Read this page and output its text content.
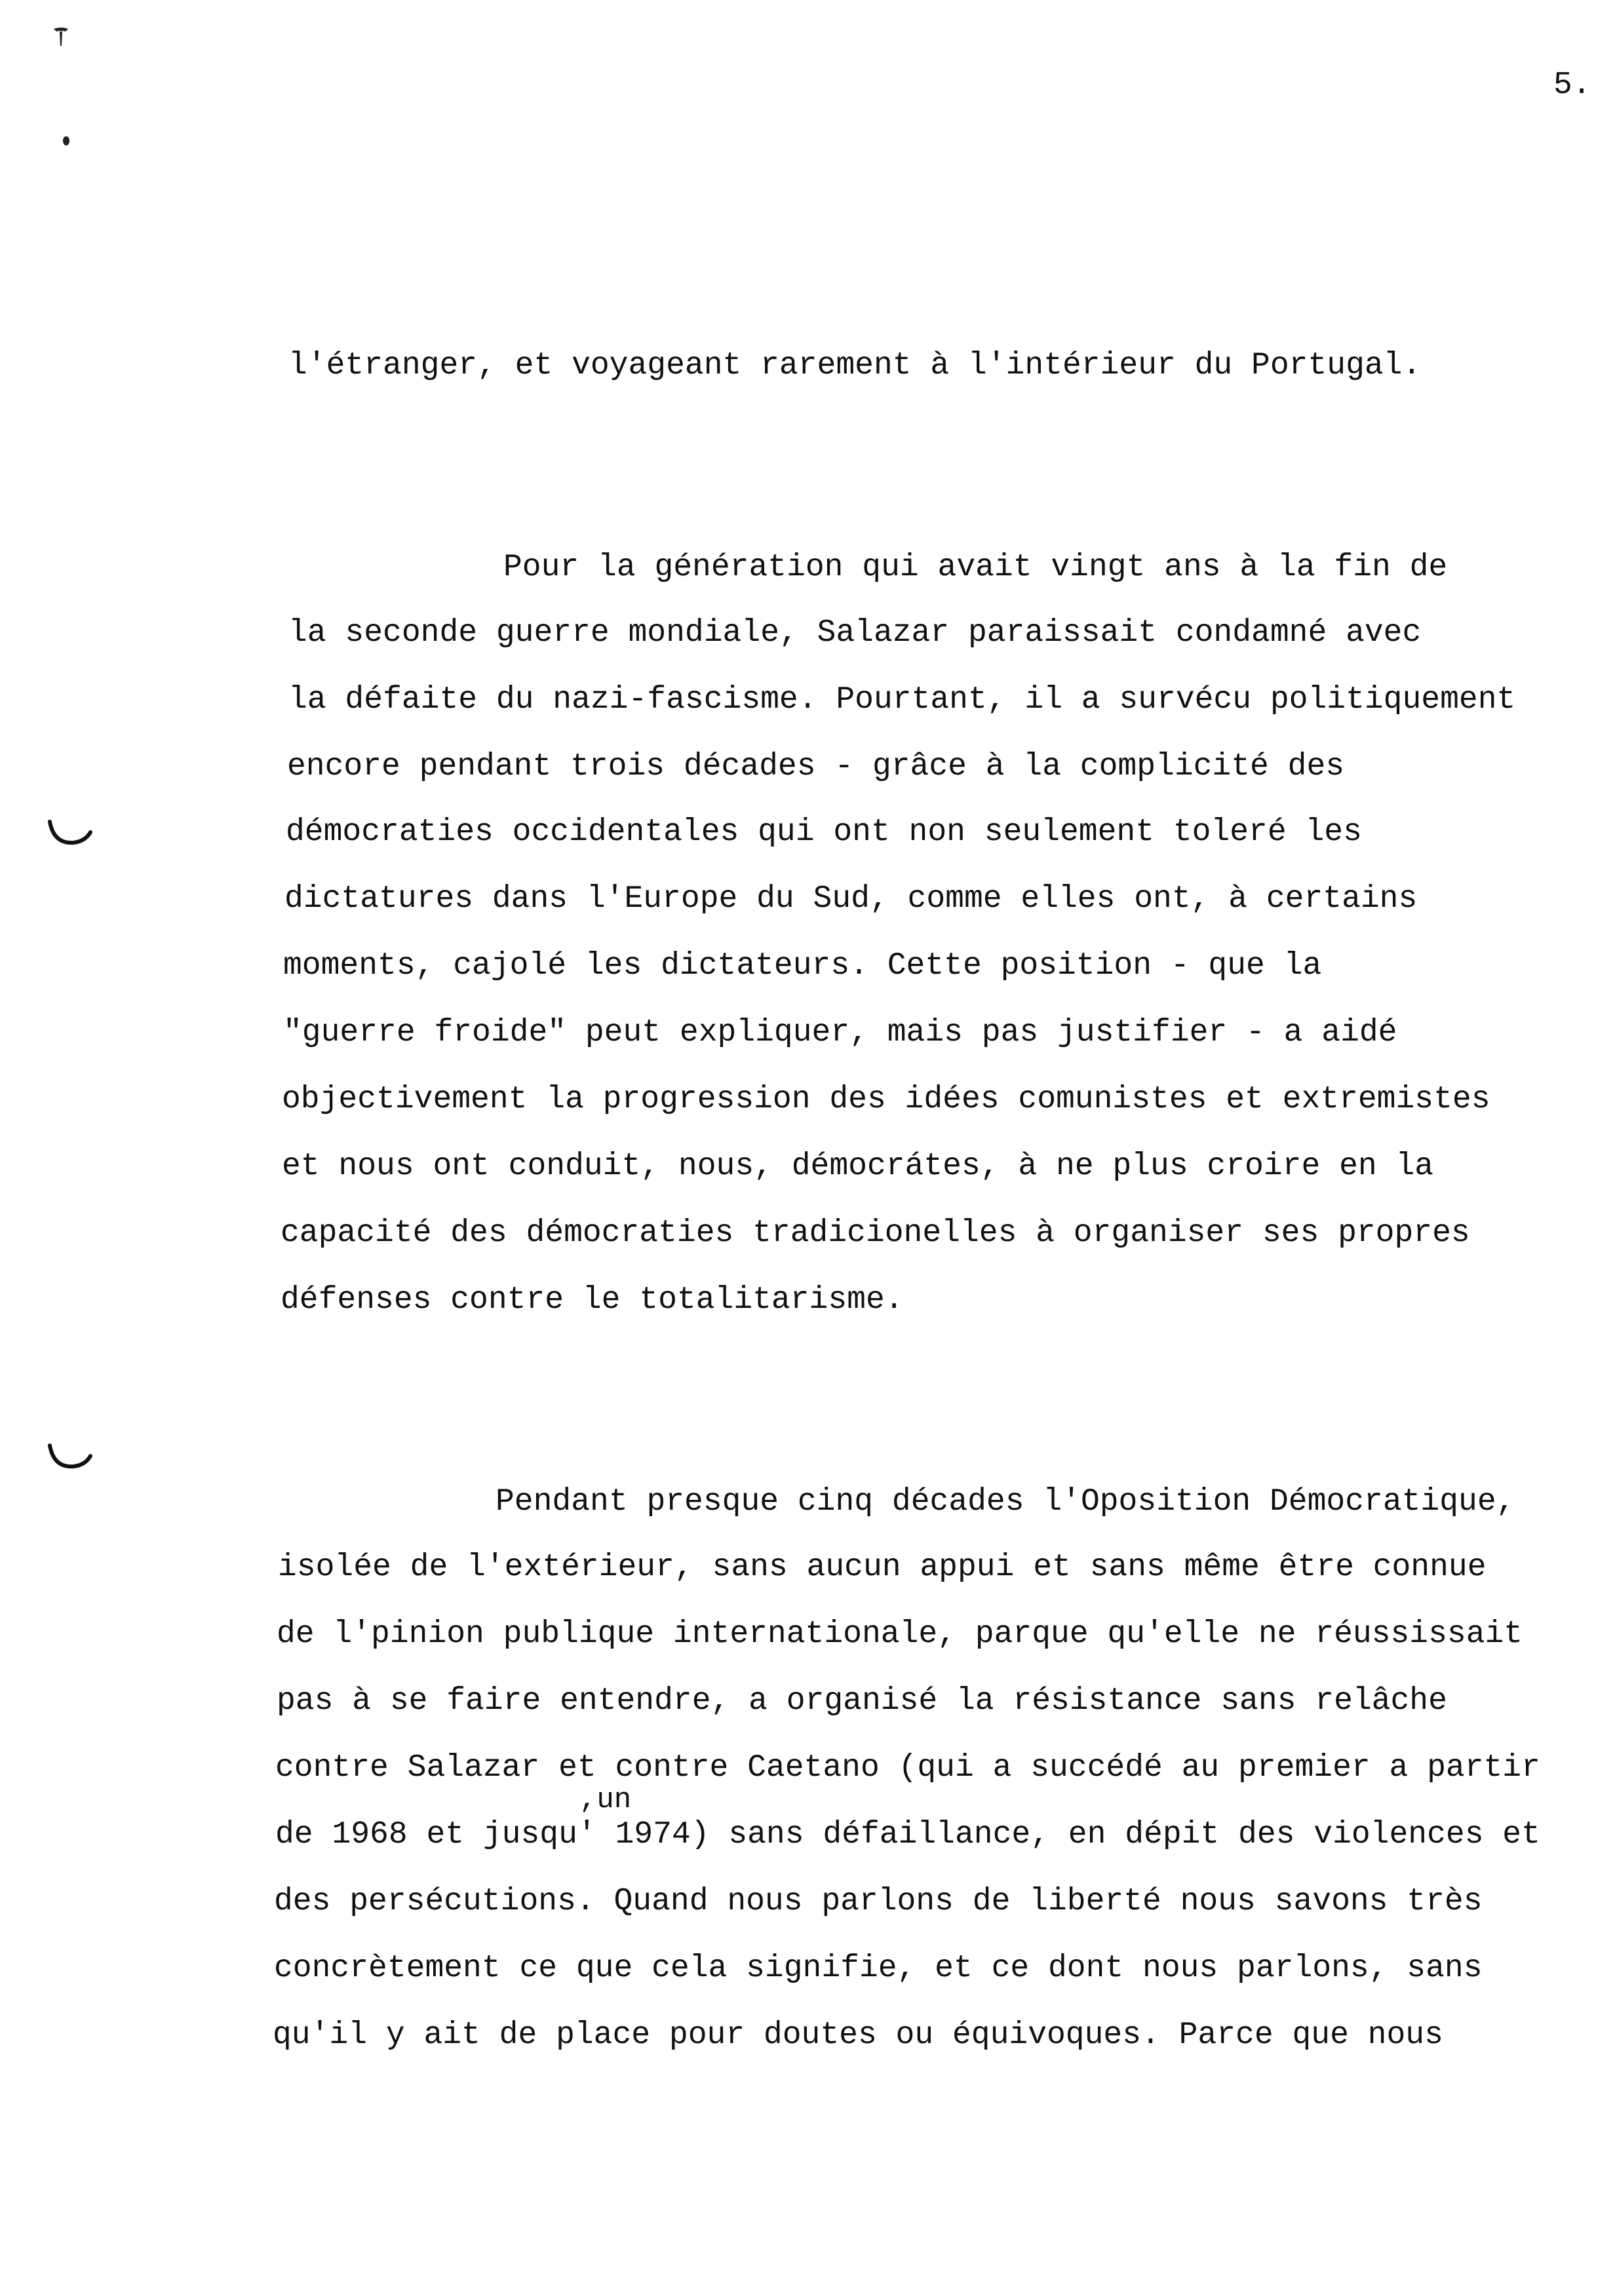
5.
l'étranger, et voyageant rarement à l'intérieur du Portugal.
Pour la génération qui avait vingt ans à la fin de
la seconde guerre mondiale, Salazar paraissait condamné avec
la défaite du nazi-fascisme. Pourtant, il a survécu politiquement
encore pendant trois décades - grâce à la complicité des
démocraties occidentales qui ont non seulement toleré les
dictatures dans l'Europe du Sud, comme elles ont, à certains
moments, cajolé les dictateurs. Cette position - que la
"guerre froide" peut expliquer, mais pas justifier - a aidé
objectivement la progression des idées comunistes et extremistes
et nous ont conduit, nous, démocrátes, à ne plus croire en la
capacité des démocraties tradicionelles à organiser ses propres
défenses contre le totalitarisme.
Pendant presque cinq décades l'Oposition Démocratique,
isolée de l'extérieur, sans aucun appui et sans même être connue
de l'pinion publique internationale, parque qu'elle ne réussissait
pas à se faire entendre, a organisé la résistance sans relâche
contre Salazar et contre Caetano (qui a succédé au premier a partir
,un
de 1968 et jusqu' 1974) sans défaillance, en dépit des violences et
des persécutions. Quand nous parlons de liberté nous savons très
concrètement ce que cela signifie, et ce dont nous parlons, sans
qu'il y ait de place pour doutes ou équivoques. Parce que nous
